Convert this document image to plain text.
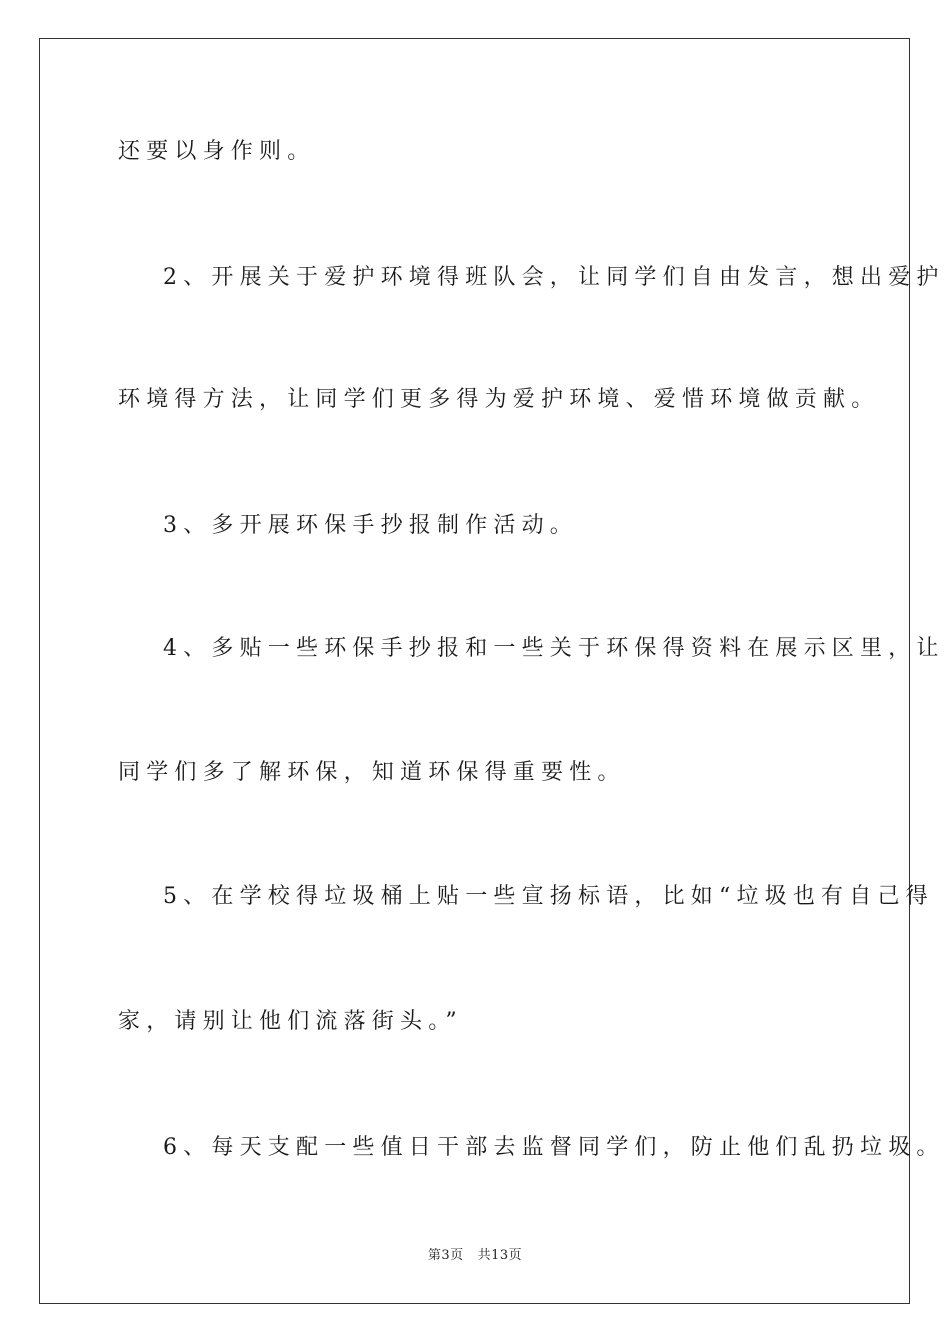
还要以身作则。
2、开展关于爱护环境得班队会，让同学们自由发言，想出爱护
环境得方法，让同学们更多得为爱护环境、爱惜环境做贡献。
3、多开展环保手抄报制作活动。
4、多贴一些环保手抄报和一些关于环保得资料在展示区里，让
同学们多了解环保，知道环保得重要性。
5、在学校得垃圾桶上贴一些宣扬标语，比如“垃圾也有自己得
家，请别让他们流落街头。”
6、每天支配一些值日干部去监督同学们，防止他们乱扔垃圾。
第3页 共13页
